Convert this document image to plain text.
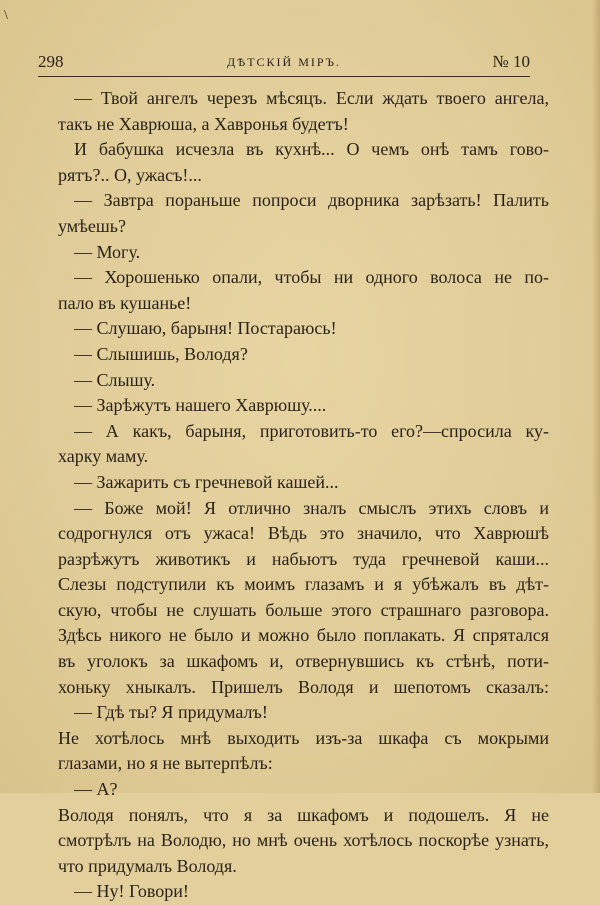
\
298	ДѢТСКІЙ МІРЪ.	№ 10
— Твой ангелъ черезъ мѣсяцъ. Если ждать твоего ангела,
такъ не Хаврюша, а Хавронья будетъ!
И бабушка исчезла въ кухнѣ... О чемъ онѣ тамъ гово-
рятъ?.. О, ужасъ!...
— Завтра пораньше попроси дворника зарѣзать! Палить
умѣешь?
— Могу.
— Хорошенько опали, чтобы ни одного волоса не по-
пало въ кушанье!
— Слушаю, барыня! Постараюсь!
— Слышишь, Володя?
— Слышу.
— Зарѣжутъ нашего Хаврюшу....
— А какъ, барыня, приготовить-то его?—спросила ку-
харку маму.
— Зажарить съ гречневой кашей...
— Боже мой! Я отлично зналъ смыслъ этихъ словъ и
содрогнулся отъ ужаса! Вѣдь это значило, что Хаврюшѣ
разрѣжутъ животикъ и набьютъ туда гречневой каши...
Слезы подступили къ моимъ глазамъ и я убѣжалъ въ дѣт-
скую, чтобы не слушать больше этого страшнаго разговора.
Здѣсь никого не было и можно было поплакать. Я спрятался
въ уголокъ за шкафомъ и, отвернувшись къ стѣнѣ, поти-
хоньку хныкалъ. Пришелъ Володя и шепотомъ сказалъ:
— Гдѣ ты? Я придумалъ!
Не хотѣлось мнѣ выходить изъ-за шкафа съ мокрыми
глазами, но я не вытерпѣлъ:
— А?
Володя понялъ, что я за шкафомъ и подошелъ. Я не
смотрѣлъ на Володю, но мнѣ очень хотѣлось поскорѣе узнать,
что придумалъ Володя.
— Ну! Говори!
